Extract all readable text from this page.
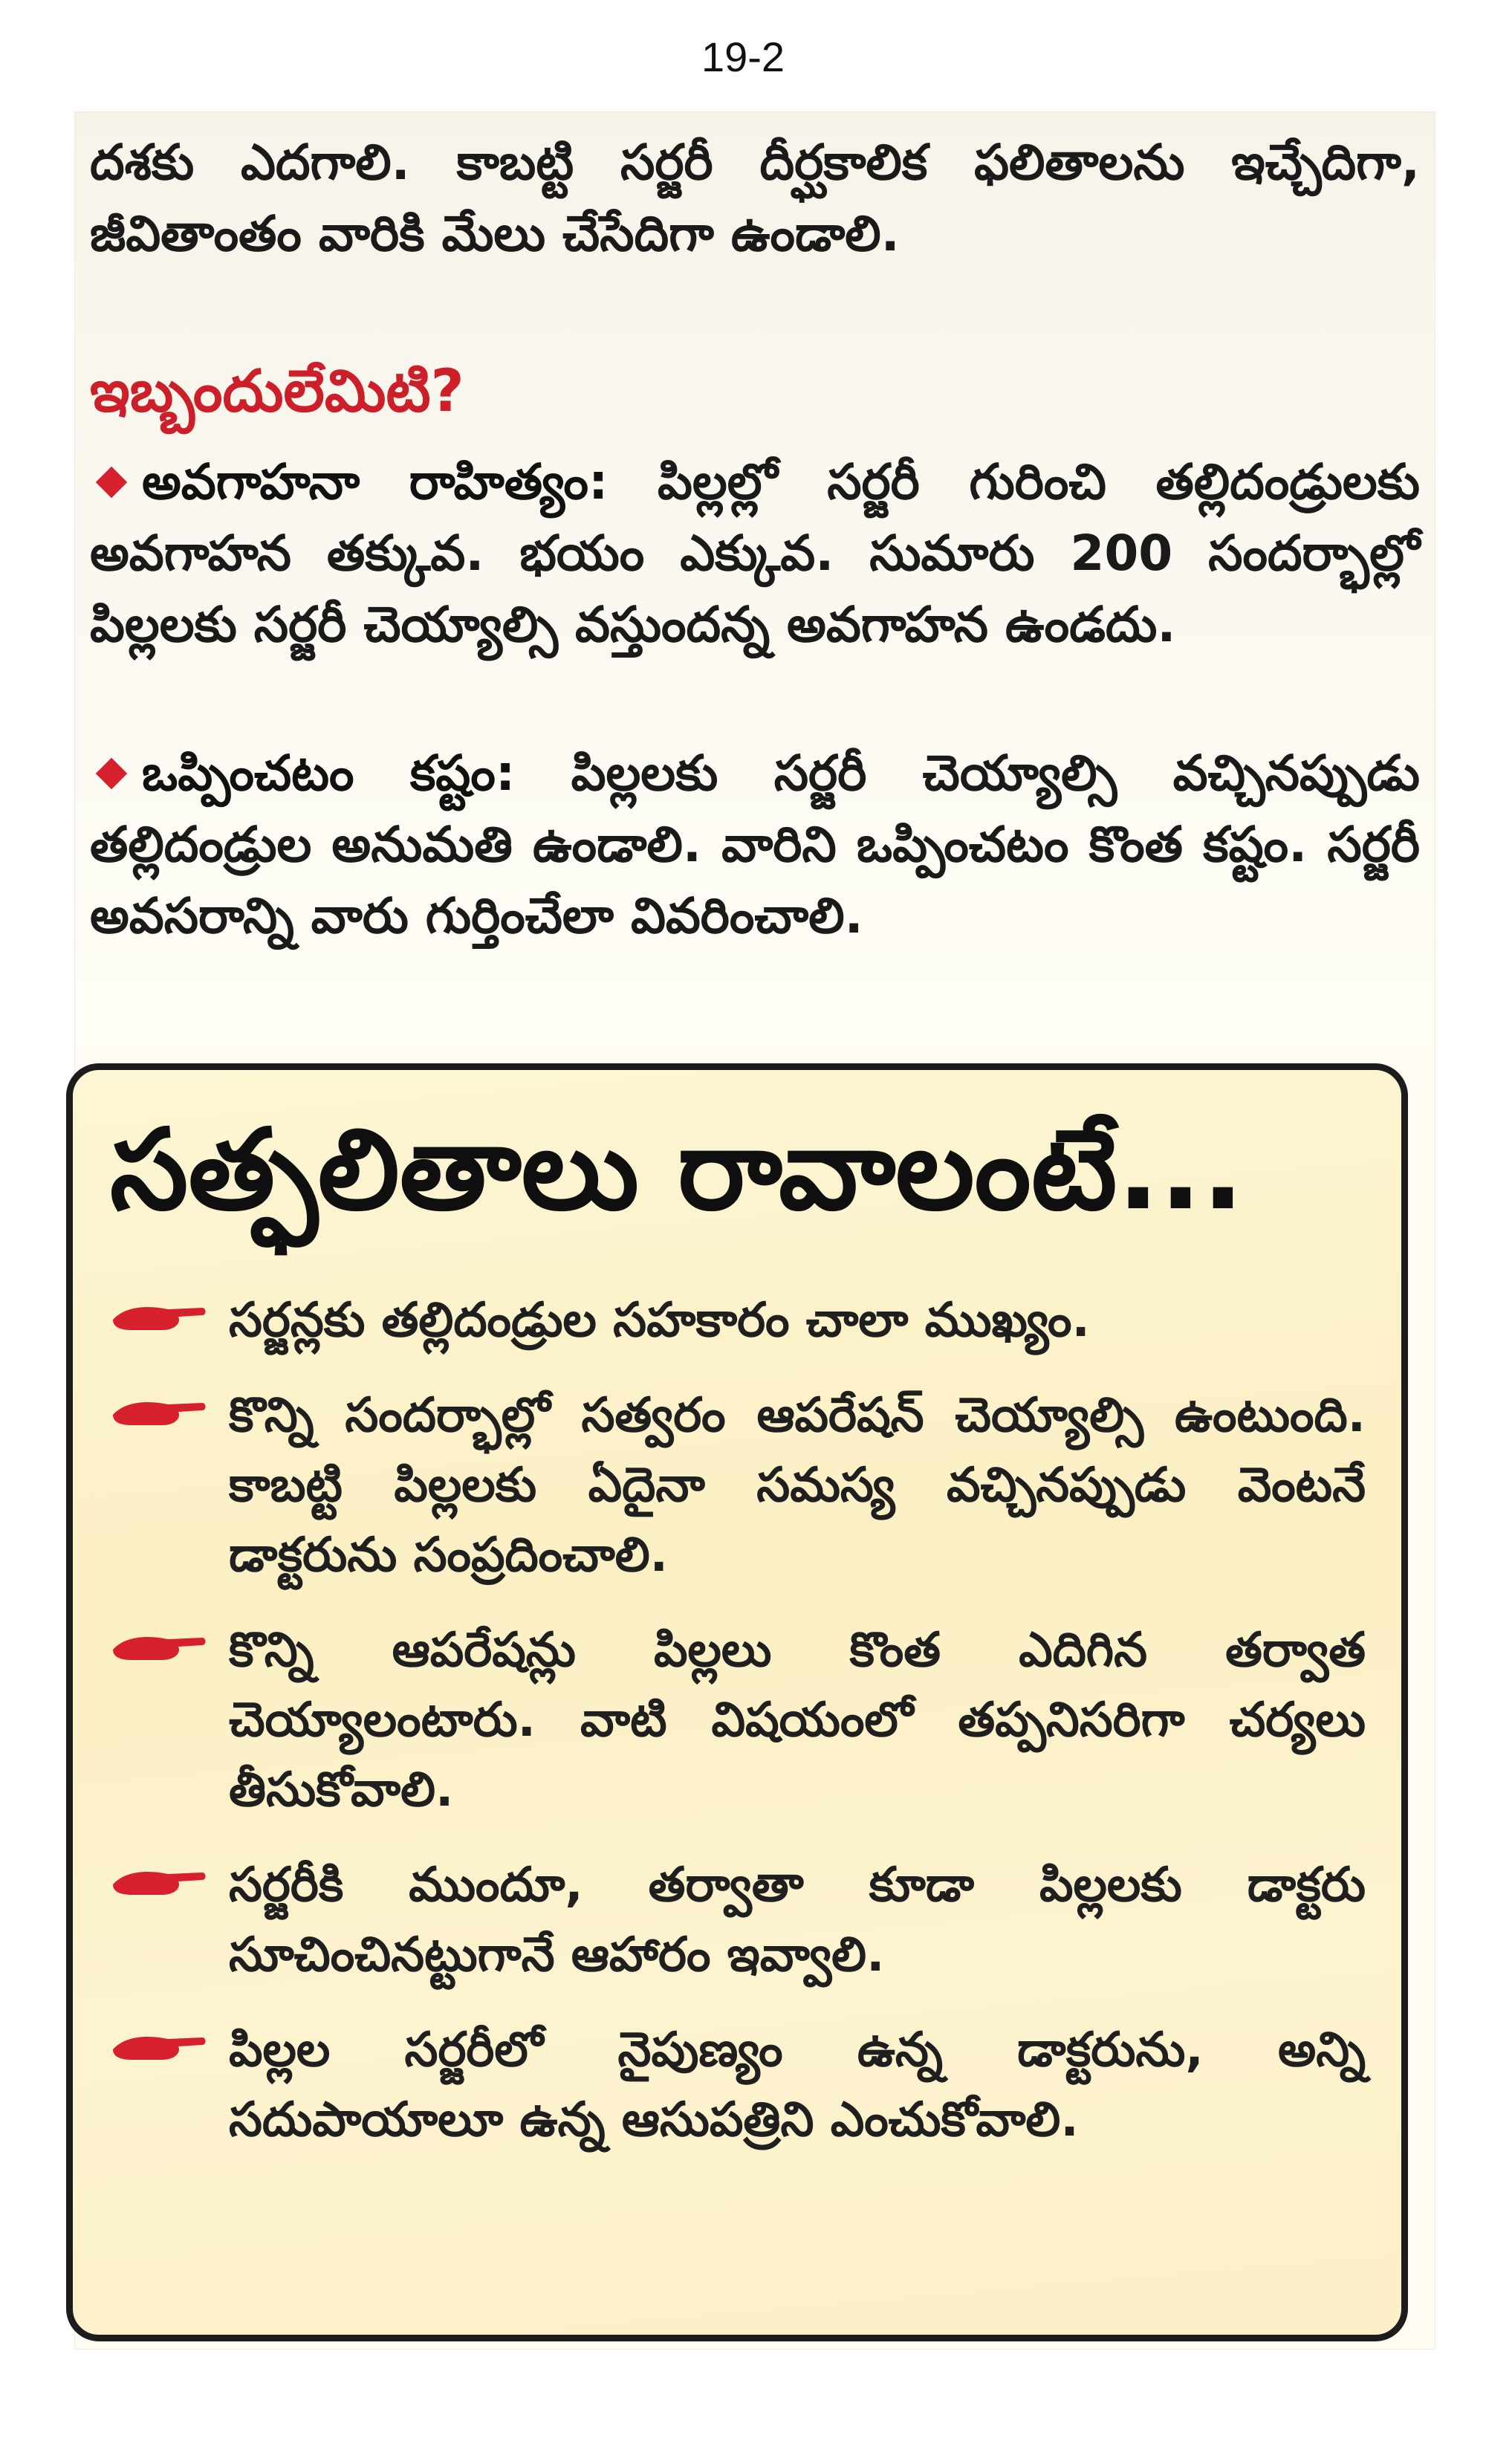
19-2

దశకు ఎదగాలి. కాబట్టి సర్జరీ దీర్ఘకాలిక ఫలితాలను ఇచ్చేదిగా, జీవితాంతం వారికి మేలు చేసేదిగా ఉండాలి.

ఇబ్బందులేమిటి?

అవగాహనా రాహిత్యం: పిల్లల్లో సర్జరీ గురించి తల్లిదండ్రులకు అవగాహన తక్కువ. భయం ఎక్కువ. సుమారు 200 సందర్భాల్లో పిల్లలకు సర్జరీ చెయ్యాల్సి వస్తుందన్న అవగాహన ఉండదు.

ఒప్పించటం కష్టం: పిల్లలకు సర్జరీ చెయ్యాల్సి వచ్చినప్పుడు తల్లిదండ్రుల అనుమతి ఉండాలి. వారిని ఒప్పించటం కొంత కష్టం. సర్జరీ అవసరాన్ని వారు గుర్తించేలా వివరించాలి.

సత్ఫలితాలు రావాలంటే...
సర్జన్లకు తల్లిదండ్రుల సహకారం చాలా ముఖ్యం.
కొన్ని సందర్భాల్లో సత్వరం ఆపరేషన్ చెయ్యాల్సి ఉంటుంది. కాబట్టి పిల్లలకు ఏదైనా సమస్య వచ్చినప్పుడు వెంటనే డాక్టరును సంప్రదించాలి.
కొన్ని ఆపరేషన్లు పిల్లలు కొంత ఎదిగిన తర్వాత చెయ్యాలంటారు. వాటి విషయంలో తప్పనిసరిగా చర్యలు తీసుకోవాలి.
సర్జరీకి ముందూ, తర్వాతా కూడా పిల్లలకు డాక్టరు సూచించినట్టుగానే ఆహారం ఇవ్వాలి.
పిల్లల సర్జరీలో నైపుణ్యం ఉన్న డాక్టరును, అన్ని సదుపాయాలూ ఉన్న ఆసుపత్రిని ఎంచుకోవాలి.
